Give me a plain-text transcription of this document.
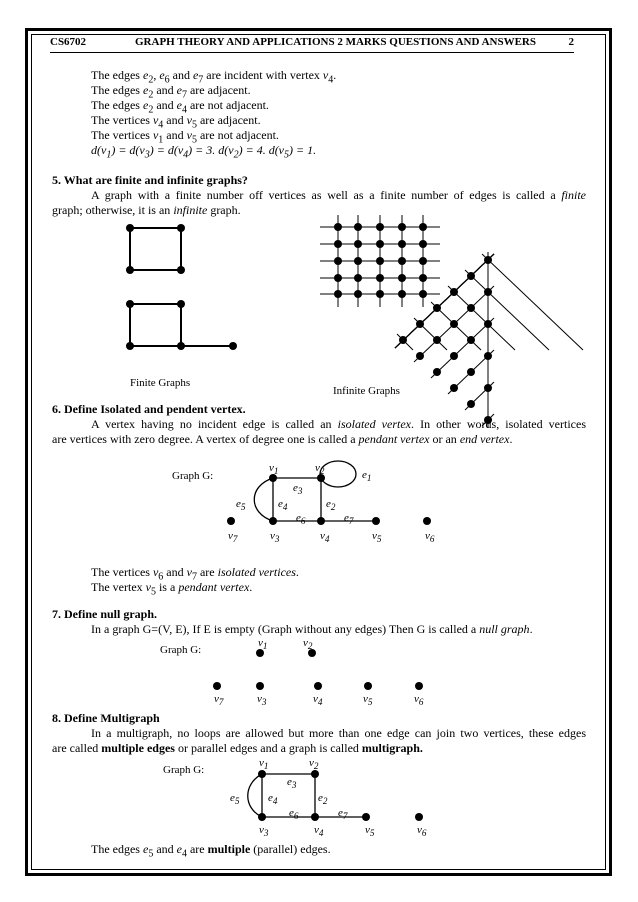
CS6702	GRAPH THEORY AND APPLICATIONS 2 MARKS QUESTIONS AND ANSWERS	2
The edges $e_2$, $e_6$ and $e_7$ are incident with vertex $v_4$.
The edges $e_2$ and $e_7$ are adjacent.
The edges $e_2$ and $e_4$ are not adjacent.
The vertices $v_4$ and $v_5$ are adjacent.
The vertices $v_1$ and $v_5$ are not adjacent.
$d(v_1) = d(v_3) = d(v_4) = 3$. $d(v_2) = 4$. $d(v_5) = 1$.
5. What are finite and infinite graphs?
A graph with a finite number off vertices as well as a finite number of edges is called a finite
graph; otherwise, it is an infinite graph.
Finite Graphs
Infinite Graphs
6. Define Isolated and pendent vertex.
A vertex having no incident edge is called an isolated vertex. In other words, isolated vertices
are vertices with zero degree. A vertex of degree one is called a pendant vertex or an end vertex.
Graph G:
$v_1$	$v_2$	$e_1$
$e_3$
$e_5$	$e_4$	$e_2$
$e_6$	$e_7$
$v_7$	$v_3$	$v_4$	$v_5$	$v_6$
The vertices $v_6$ and $v_7$ are isolated vertices.
The vertex $v_5$ is a pendant vertex.
7. Define null graph.
In a graph G=(V, E), If E is empty (Graph without any edges) Then G is called a null graph.
Graph G:
$v_1$	$v_2$
$v_7$	$v_3$	$v_4$	$v_5$	$v_6$
8. Define Multigraph
In a multigraph, no loops are allowed but more than one edge can join two vertices, these edges
are called multiple edges or parallel edges and a graph is called multigraph.
Graph G:
$v_1$	$v_2$
$e_3$
$e_5$	$e_4$	$e_2$
$e_6$	$e_7$
$v_3$	$v_4$	$v_5$	$v_6$
The edges $e_5$ and $e_4$ are multiple (parallel) edges.
